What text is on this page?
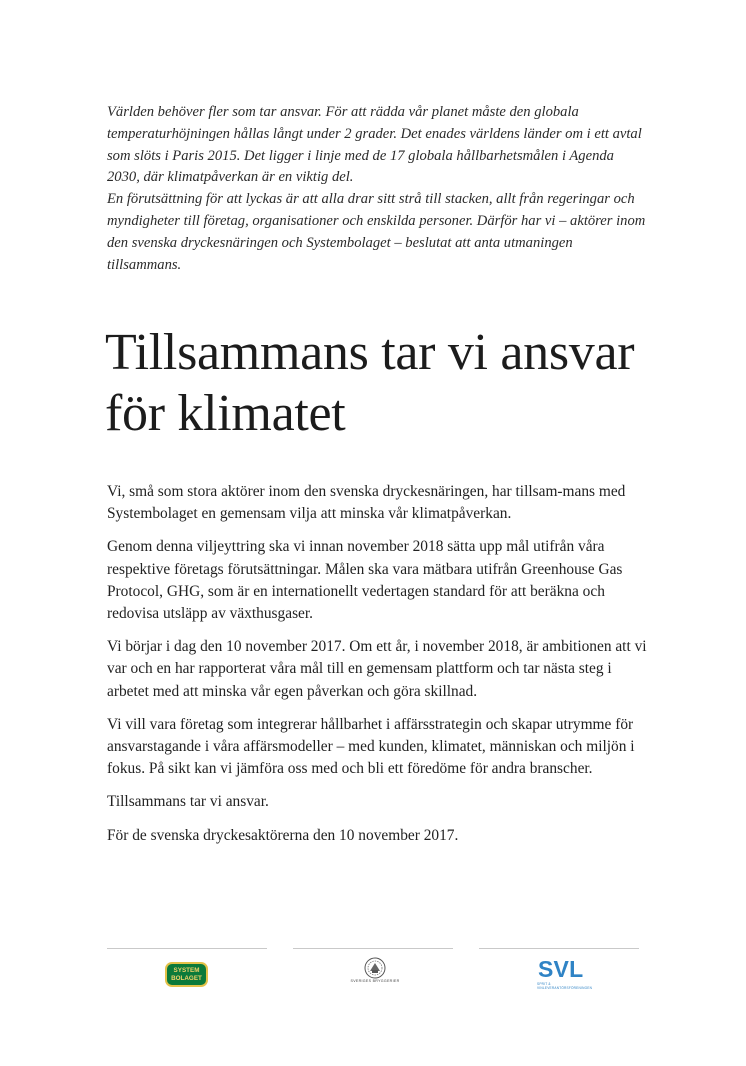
Världen behöver fler som tar ansvar. För att rädda vår planet måste den globala temperaturhöjningen hållas långt under 2 grader. Det enades världens länder om i ett avtal som slöts i Paris 2015. Det ligger i linje med de 17 globala hållbarhetsmålen i Agenda 2030, där klimatpåverkan är en viktig del.

En förutsättning för att lyckas är att alla drar sitt strå till stacken, allt från regeringar och myndigheter till företag, organisationer och enskilda personer. Därför har vi – aktörer inom den svenska dryckesnäringen och Systembolaget – beslutat att anta utmaningen tillsammans.

Tillsammans tar vi ansvar för klimatet

Vi, små som stora aktörer inom den svenska dryckesnäringen, har tillsam-mans med Systembolaget en gemensam vilja att minska vår klimatpåverkan.

Genom denna viljeyttring ska vi innan november 2018 sätta upp mål utifrån våra respektive företags förutsättningar. Målen ska vara mätbara utifrån Greenhouse Gas Protocol, GHG, som är en internationellt vedertagen standard för att beräkna och redovisa utsläpp av växthusgaser.

Vi börjar i dag den 10 november 2017. Om ett år, i november 2018, är ambitionen att vi var och en har rapporterat våra mål till en gemensam plattform och tar nästa steg i arbetet med att minska vår egen påverkan och göra skillnad.

Vi vill vara företag som integrerar hållbarhet i affärsstrategin och skapar utrymme för ansvarstagande i våra affärsmodeller – med kunden, klimatet, människan och miljön i fokus. På sikt kan vi jämföra oss med och bli ett föredöme för andra branscher.

Tillsammans tar vi ansvar.

För de svenska dryckesaktörerna den 10 november 2017.

SYSTEM
BOLAGET	SVERIGES BRYGGERIER	SVL
SPRIT & VINLEVERANTÖRSFÖRENINGEN
